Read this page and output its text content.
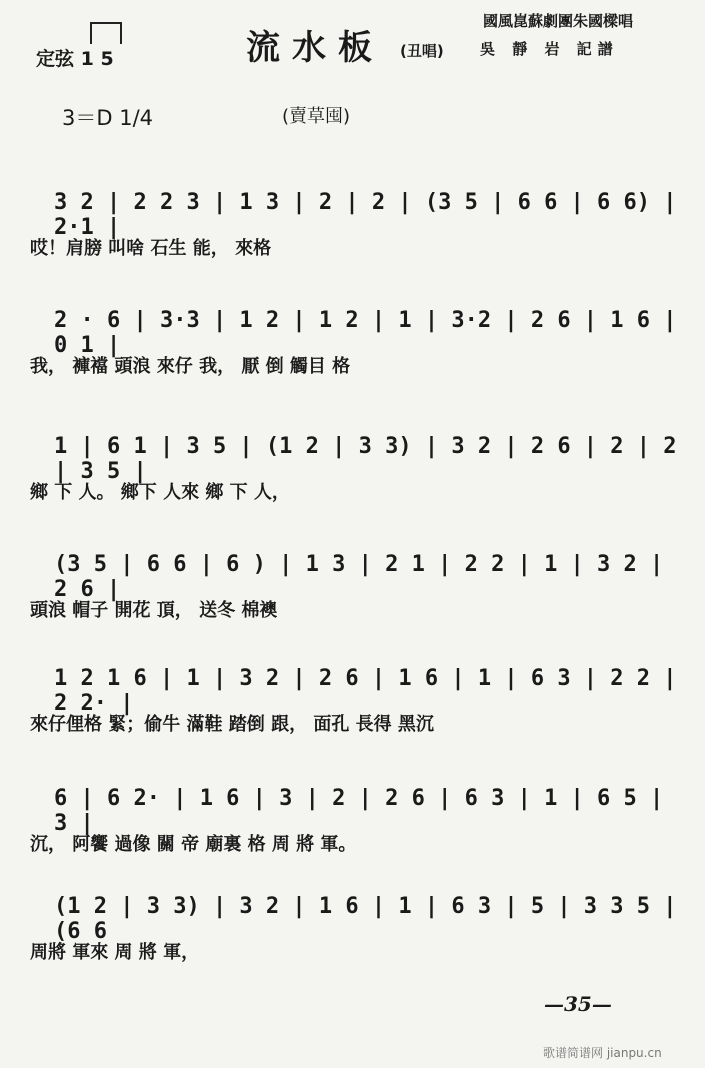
定弦 1 5	流水板 (丑唱)
國風崑蘇劇團朱國樑唱
吳 靜 岩 記譜
3＝D 1/4	(賣草囤)
3 2 | 2 2 3 | 1 3 | 2 | 2 | (3 5 | 6 6 | 6 6) | 2·1 |
哎！肩膀 叫啥 石生 能， 來格
2 · 6 | 3·3 | 1 2 | 1 2 | 1 | 3·2 | 2 6 | 1 6 | 0 1 |
我， 褲襠 頭浪 來仔 我， 厭 倒 觸目 格
1 | 6 1 | 3 5 | (1 2 | 3 3) | 3 2 | 2 6 | 2 | 2 | 3 5 |
鄉 下 人。 鄉下 人來 鄉 下 人，
(3 5 | 6 6 | 6 ) | 1 3 | 2 1 | 2 2 | 1 | 3 2 | 2 6 |
頭浪 帽子 開花 頂， 送冬 棉襖
1 2 1 6 | 1 | 3 2 | 2 6 | 1 6 | 1 | 6 3 | 2 2 | 2 2· |
來仔俚格 緊；偷牛 滿鞋 踏倒 跟， 面孔 長得 黑沉
6 | 6 2· | 1 6 | 3 | 2 | 2 6 | 6 3 | 1 | 6 5 | 3 |
沉， 阿饗 過像 關 帝 廟裏 格 周 將 軍。
(1 2 | 3 3) | 3 2 | 1 6 | 1 | 6 3 | 5 | 3 3 5 | (6 6
周將 軍來 周 將 軍，
—35—
歌谱简谱网 jianpu.cn
